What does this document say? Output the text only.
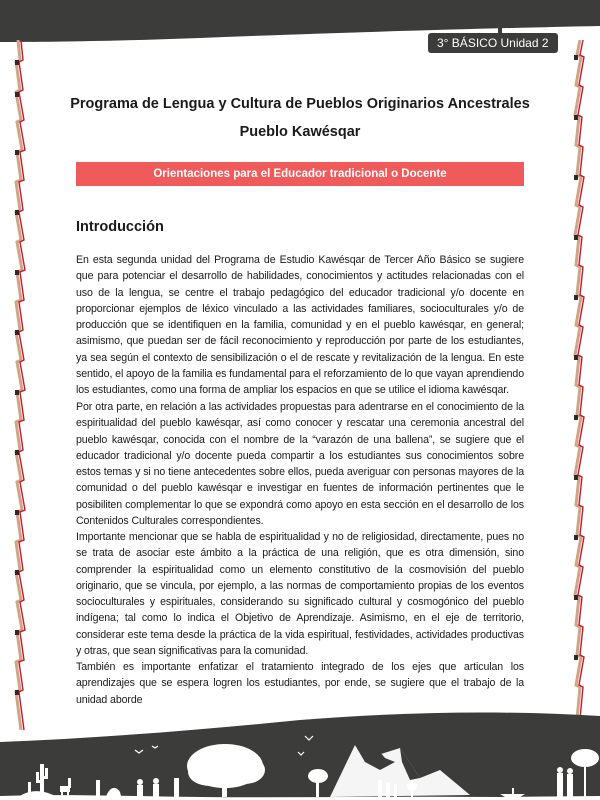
3° BÁSICO Unidad 2
Programa de Lengua y Cultura de Pueblos Originarios Ancestrales
Pueblo Kawésqar
Orientaciones para el Educador tradicional o Docente
Introducción
En esta segunda unidad del Programa de Estudio Kawésqar de Tercer Año Básico se sugiere que para potenciar el desarrollo de habilidades, conocimientos y actitudes relacionadas con el uso de la lengua, se centre el trabajo pedagógico del educador tradicional y/o docente en proporcionar ejemplos de léxico vinculado a las actividades familiares, socioculturales y/o de producción que se identifiquen en la familia, comunidad y en el pueblo kawésqar, en general; asimismo, que puedan ser de fácil reconocimiento y reproducción por parte de los estudiantes, ya sea según el contexto de sensibilización o el de rescate y revitalización de la lengua. En este sentido, el apoyo de la familia es fundamental para el reforzamiento de lo que vayan aprendiendo los estudiantes, como una forma de ampliar los espacios en que se utilice el idioma kawésqar.
Por otra parte, en relación a las actividades propuestas para adentrarse en el conocimiento de la espiritualidad del pueblo kawésqar, así como conocer y rescatar una ceremonia ancestral del pueblo kawésqar, conocida con el nombre de la “varazón de una ballena”, se sugiere que el educador tradicional y/o docente pueda compartir a los estudiantes sus conocimientos sobre estos temas y si no tiene antecedentes sobre ellos, pueda averiguar con personas mayores de la comunidad o del pueblo kawésqar e investigar en fuentes de información pertinentes que le posibiliten complementar lo que se expondrá como apoyo en esta sección en el desarrollo de los Contenidos Culturales correspondientes.
Importante mencionar que se habla de espiritualidad y no de religiosidad, directamente, pues no se trata de asociar este ámbito a la práctica de una religión, que es otra dimensión, sino comprender la espiritualidad como un elemento constitutivo de la cosmovisión del pueblo originario, que se vincula, por ejemplo, a las normas de comportamiento propias de los eventos socioculturales y espirituales, considerando su significado cultural y cosmogónico del pueblo indígena; tal como lo indica el Objetivo de Aprendizaje. Asimismo, en el eje de territorio, considerar este tema desde la práctica de la vida espiritual, festividades, actividades productivas y otras, que sean significativas para la comunidad.
También es importante enfatizar el tratamiento integrado de los ejes que articulan los aprendizajes que se espera logren los estudiantes, por ende, se sugiere que el trabajo de la unidad aborde
